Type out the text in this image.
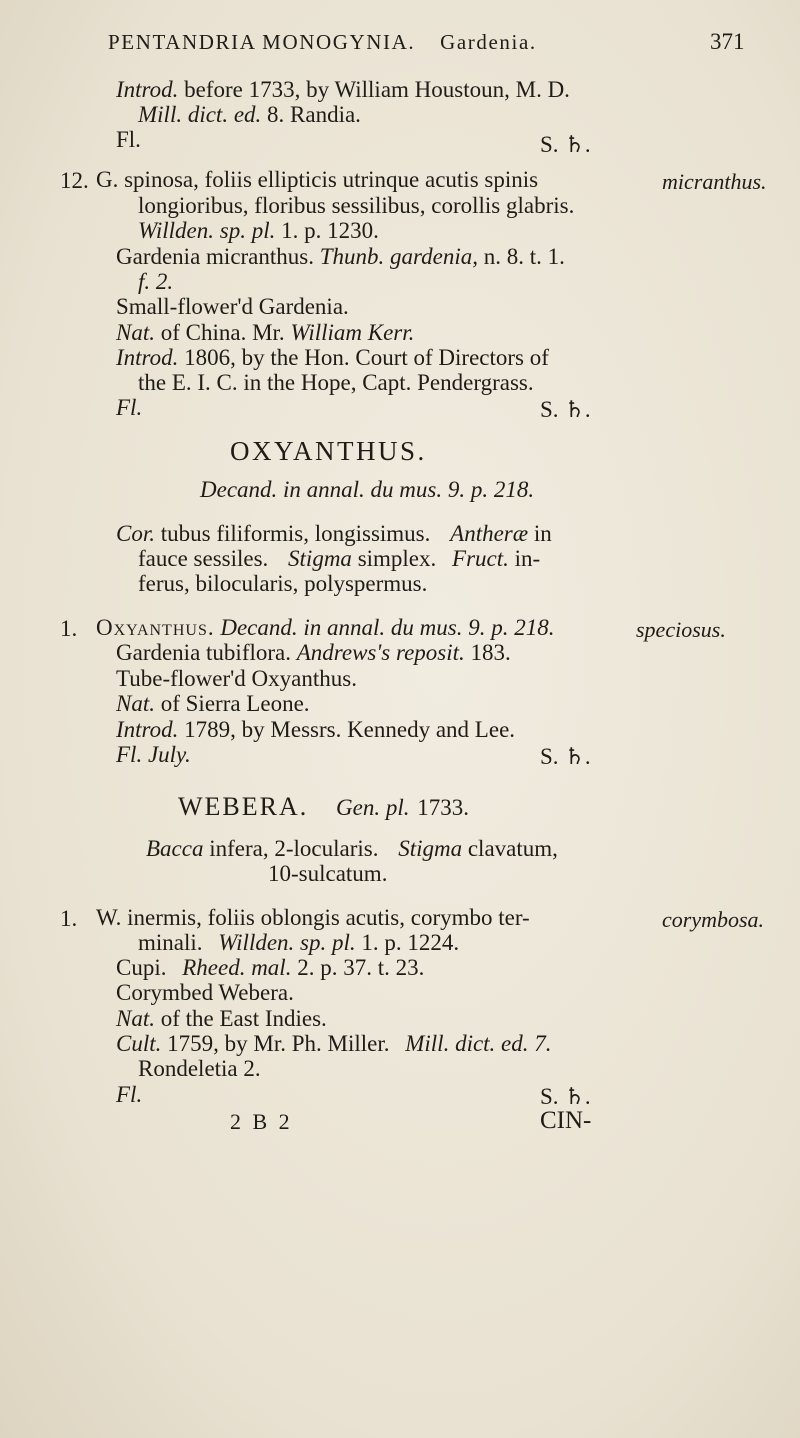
PENTANDRIA MONOGYNIA. Gardenia.	371
Introd. before 1733, by William Houstoun, M. D.
Mill. dict. ed. 8. Randia.
Fl.	S. ♄.
12. G. spinosa, foliis ellipticis utrinque acutis spinis	micranthus.
longioribus, floribus sessilibus, corollis glabris.
Willden. sp. pl. 1. p. 1230.
Gardenia micranthus. Thunb. gardenia, n. 8. t. 1.
f. 2.
Small-flower'd Gardenia.
Nat. of China. Mr. William Kerr.
Introd. 1806, by the Hon. Court of Directors of
the E. I. C. in the Hope, Capt. Pendergrass.
Fl.	S. ♄.
OXYANTHUS.
Decand. in annal. du mus. 9. p. 218.
Cor. tubus filiformis, longissimus. Antheræ in
fauce sessiles. Stigma simplex. Fruct. in-
ferus, bilocularis, polyspermus.
1. Oxyanthus. Decand. in annal. du mus. 9. p. 218.	speciosus.
Gardenia tubiflora. Andrews's reposit. 183.
Tube-flower'd Oxyanthus.
Nat. of Sierra Leone.
Introd. 1789, by Messrs. Kennedy and Lee.
Fl. July.	S. ♄.
WEBERA. Gen. pl. 1733.
Bacca infera, 2-locularis. Stigma clavatum,
10-sulcatum.
1. W. inermis, foliis oblongis acutis, corymbo ter-	corymbosa.
minali. Willden. sp. pl. 1. p. 1224.
Cupi. Rheed. mal. 2. p. 37. t. 23.
Corymbed Webera.
Nat. of the East Indies.
Cult. 1759, by Mr. Ph. Miller. Mill. dict. ed. 7.
Rondeletia 2.
Fl.	S. ♄.
2 B 2	CIN-
